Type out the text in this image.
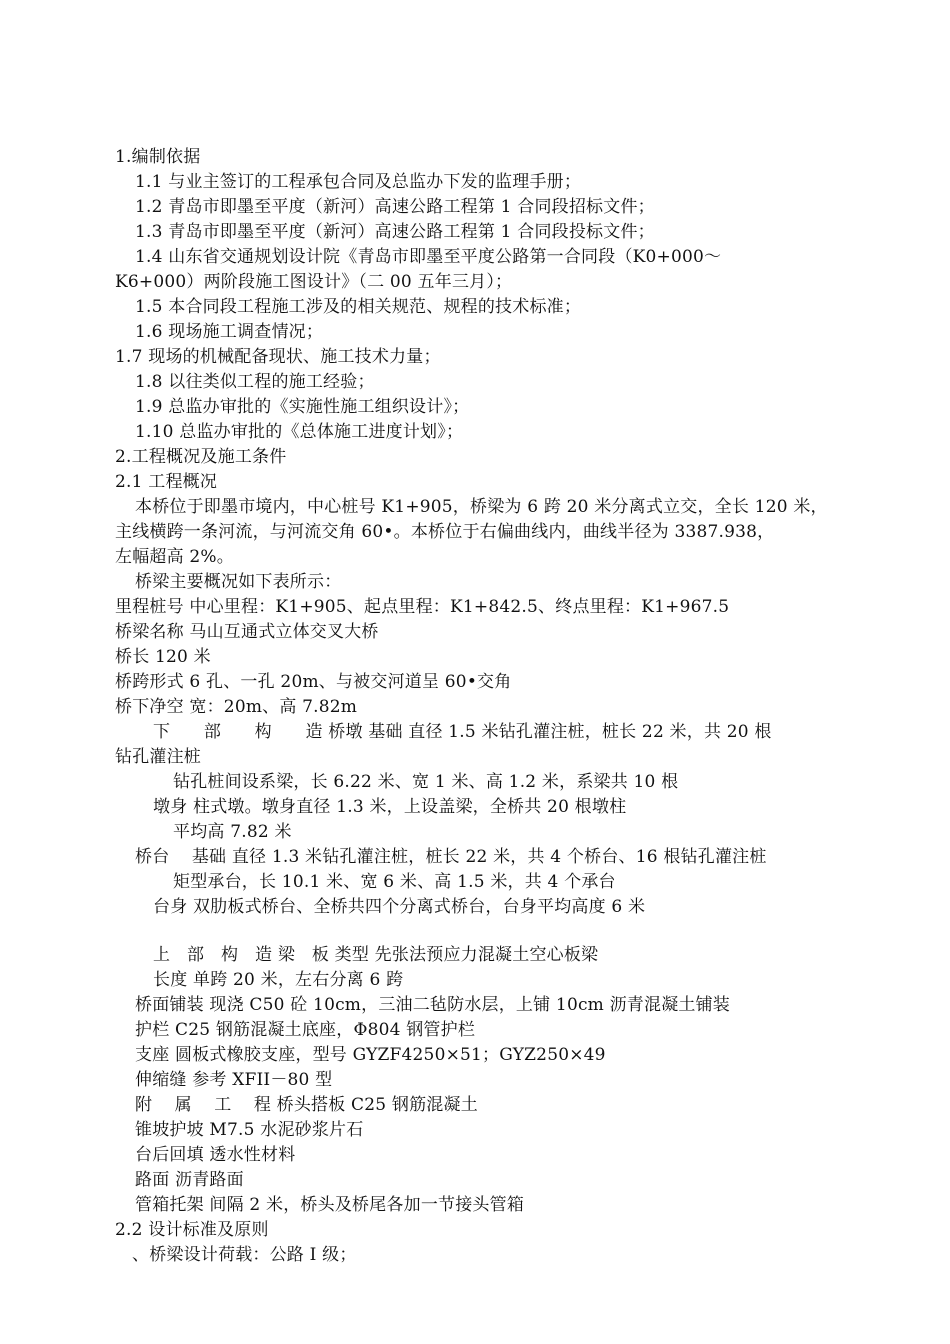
1.编制依据
1.1 与业主签订的工程承包合同及总监办下发的监理手册；
1.2 青岛市即墨至平度（新河）高速公路工程第 1 合同段招标文件；
1.3 青岛市即墨至平度（新河）高速公路工程第 1 合同段投标文件；
1.4 山东省交通规划设计院《青岛市即墨至平度公路第一合同段（K0+000～
K6+000）两阶段施工图设计》（二 00 五年三月）；
1.5 本合同段工程施工涉及的相关规范、规程的技术标准；
1.6 现场施工调查情况；
1.7 现场的机械配备现状、施工技术力量；
1.8 以往类似工程的施工经验；
1.9 总监办审批的《实施性施工组织设计》；
1.10 总监办审批的《总体施工进度计划》；
2.工程概况及施工条件
2.1 工程概况
本桥位于即墨市境内，中心桩号 K1+905，桥梁为 6 跨 20 米分离式立交，全长 120 米，
主线横跨一条河流，与河流交角 60•。本桥位于右偏曲线内，曲线半径为 3387.938，
左幅超高 2%。
桥梁主要概况如下表所示：
里程桩号 中心里程：K1+905、起点里程：K1+842.5、终点里程：K1+967.5
桥梁名称 马山互通式立体交叉大桥
桥长 120 米
桥跨形式 6 孔、一孔 20m、与被交河道呈 60•交角
桥下净空 宽：20m、高 7.82m
下      部      构      造 桥墩 基础 直径 1.5 米钻孔灌注桩，桩长 22 米，共 20 根
钻孔灌注桩
钻孔桩间设系梁，长 6.22 米、宽 1 米、高 1.2 米，系梁共 10 根
墩身 柱式墩。墩身直径 1.3 米，上设盖梁，全桥共 20 根墩柱
平均高 7.82 米
桥台    基础 直径 1.3 米钻孔灌注桩，桩长 22 米，共 4 个桥台、16 根钻孔灌注桩
矩型承台，长 10.1 米、宽 6 米、高 1.5 米，共 4 个承台
台身 双肋板式桥台、全桥共四个分离式桥台，台身平均高度 6 米
上   部   构   造 梁   板 类型 先张法预应力混凝土空心板梁
长度 单跨 20 米，左右分离 6 跨
桥面铺装 现浇 C50 砼 10cm，三油二毡防水层，上铺 10cm 沥青混凝土铺装
护栏 C25 钢筋混凝土底座，Φ804 钢管护栏
支座 圆板式橡胶支座，型号 GYZF4250×51；GYZ250×49
伸缩缝 参考 XFII－80 型
附    属    工    程 桥头搭板 C25 钢筋混凝土
锥坡护坡 M7.5 水泥砂浆片石
台后回填 透水性材料
路面 沥青路面
管箱托架 间隔 2 米，桥头及桥尾各加一节接头管箱
2.2 设计标准及原则
、桥梁设计荷载：公路 I 级；
